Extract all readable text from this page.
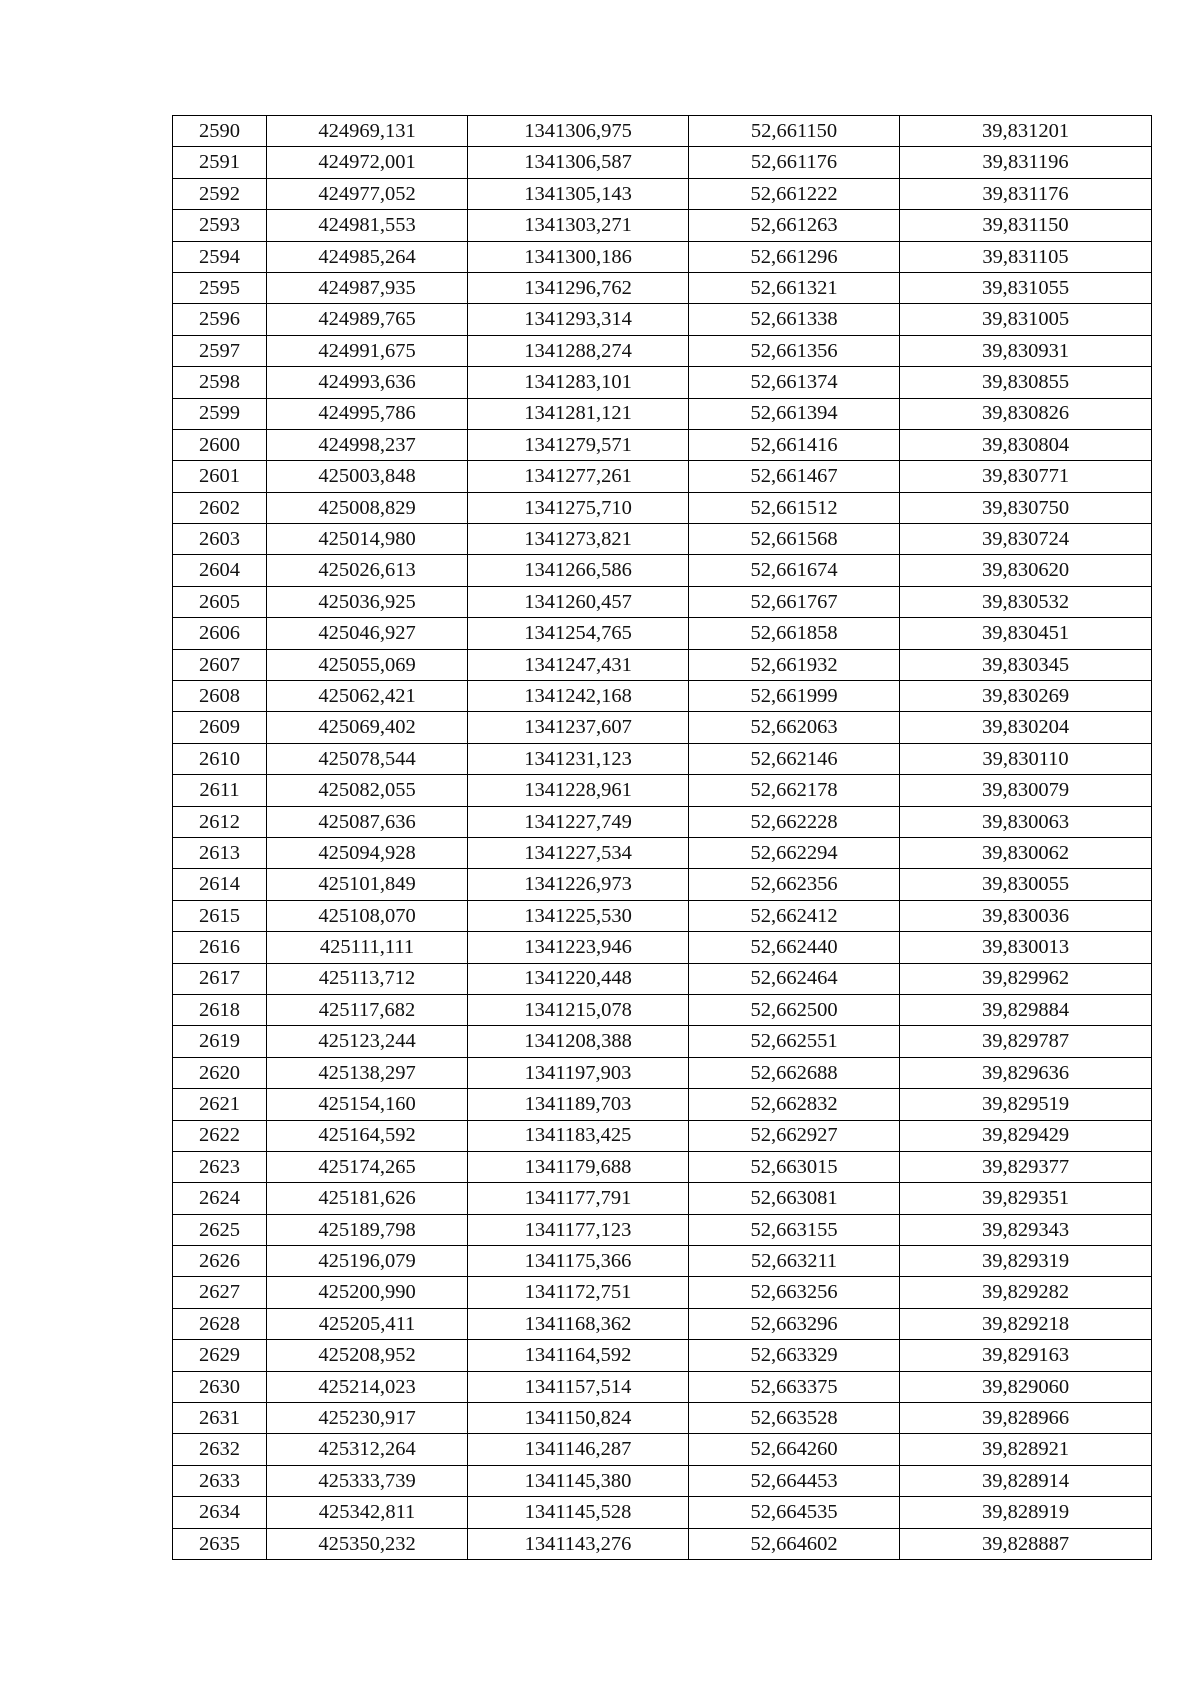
2590	424969,131	1341306,975	52,661150	39,831201
2591	424972,001	1341306,587	52,661176	39,831196
2592	424977,052	1341305,143	52,661222	39,831176
2593	424981,553	1341303,271	52,661263	39,831150
2594	424985,264	1341300,186	52,661296	39,831105
2595	424987,935	1341296,762	52,661321	39,831055
2596	424989,765	1341293,314	52,661338	39,831005
2597	424991,675	1341288,274	52,661356	39,830931
2598	424993,636	1341283,101	52,661374	39,830855
2599	424995,786	1341281,121	52,661394	39,830826
2600	424998,237	1341279,571	52,661416	39,830804
2601	425003,848	1341277,261	52,661467	39,830771
2602	425008,829	1341275,710	52,661512	39,830750
2603	425014,980	1341273,821	52,661568	39,830724
2604	425026,613	1341266,586	52,661674	39,830620
2605	425036,925	1341260,457	52,661767	39,830532
2606	425046,927	1341254,765	52,661858	39,830451
2607	425055,069	1341247,431	52,661932	39,830345
2608	425062,421	1341242,168	52,661999	39,830269
2609	425069,402	1341237,607	52,662063	39,830204
2610	425078,544	1341231,123	52,662146	39,830110
2611	425082,055	1341228,961	52,662178	39,830079
2612	425087,636	1341227,749	52,662228	39,830063
2613	425094,928	1341227,534	52,662294	39,830062
2614	425101,849	1341226,973	52,662356	39,830055
2615	425108,070	1341225,530	52,662412	39,830036
2616	425111,111	1341223,946	52,662440	39,830013
2617	425113,712	1341220,448	52,662464	39,829962
2618	425117,682	1341215,078	52,662500	39,829884
2619	425123,244	1341208,388	52,662551	39,829787
2620	425138,297	1341197,903	52,662688	39,829636
2621	425154,160	1341189,703	52,662832	39,829519
2622	425164,592	1341183,425	52,662927	39,829429
2623	425174,265	1341179,688	52,663015	39,829377
2624	425181,626	1341177,791	52,663081	39,829351
2625	425189,798	1341177,123	52,663155	39,829343
2626	425196,079	1341175,366	52,663211	39,829319
2627	425200,990	1341172,751	52,663256	39,829282
2628	425205,411	1341168,362	52,663296	39,829218
2629	425208,952	1341164,592	52,663329	39,829163
2630	425214,023	1341157,514	52,663375	39,829060
2631	425230,917	1341150,824	52,663528	39,828966
2632	425312,264	1341146,287	52,664260	39,828921
2633	425333,739	1341145,380	52,664453	39,828914
2634	425342,811	1341145,528	52,664535	39,828919
2635	425350,232	1341143,276	52,664602	39,828887
